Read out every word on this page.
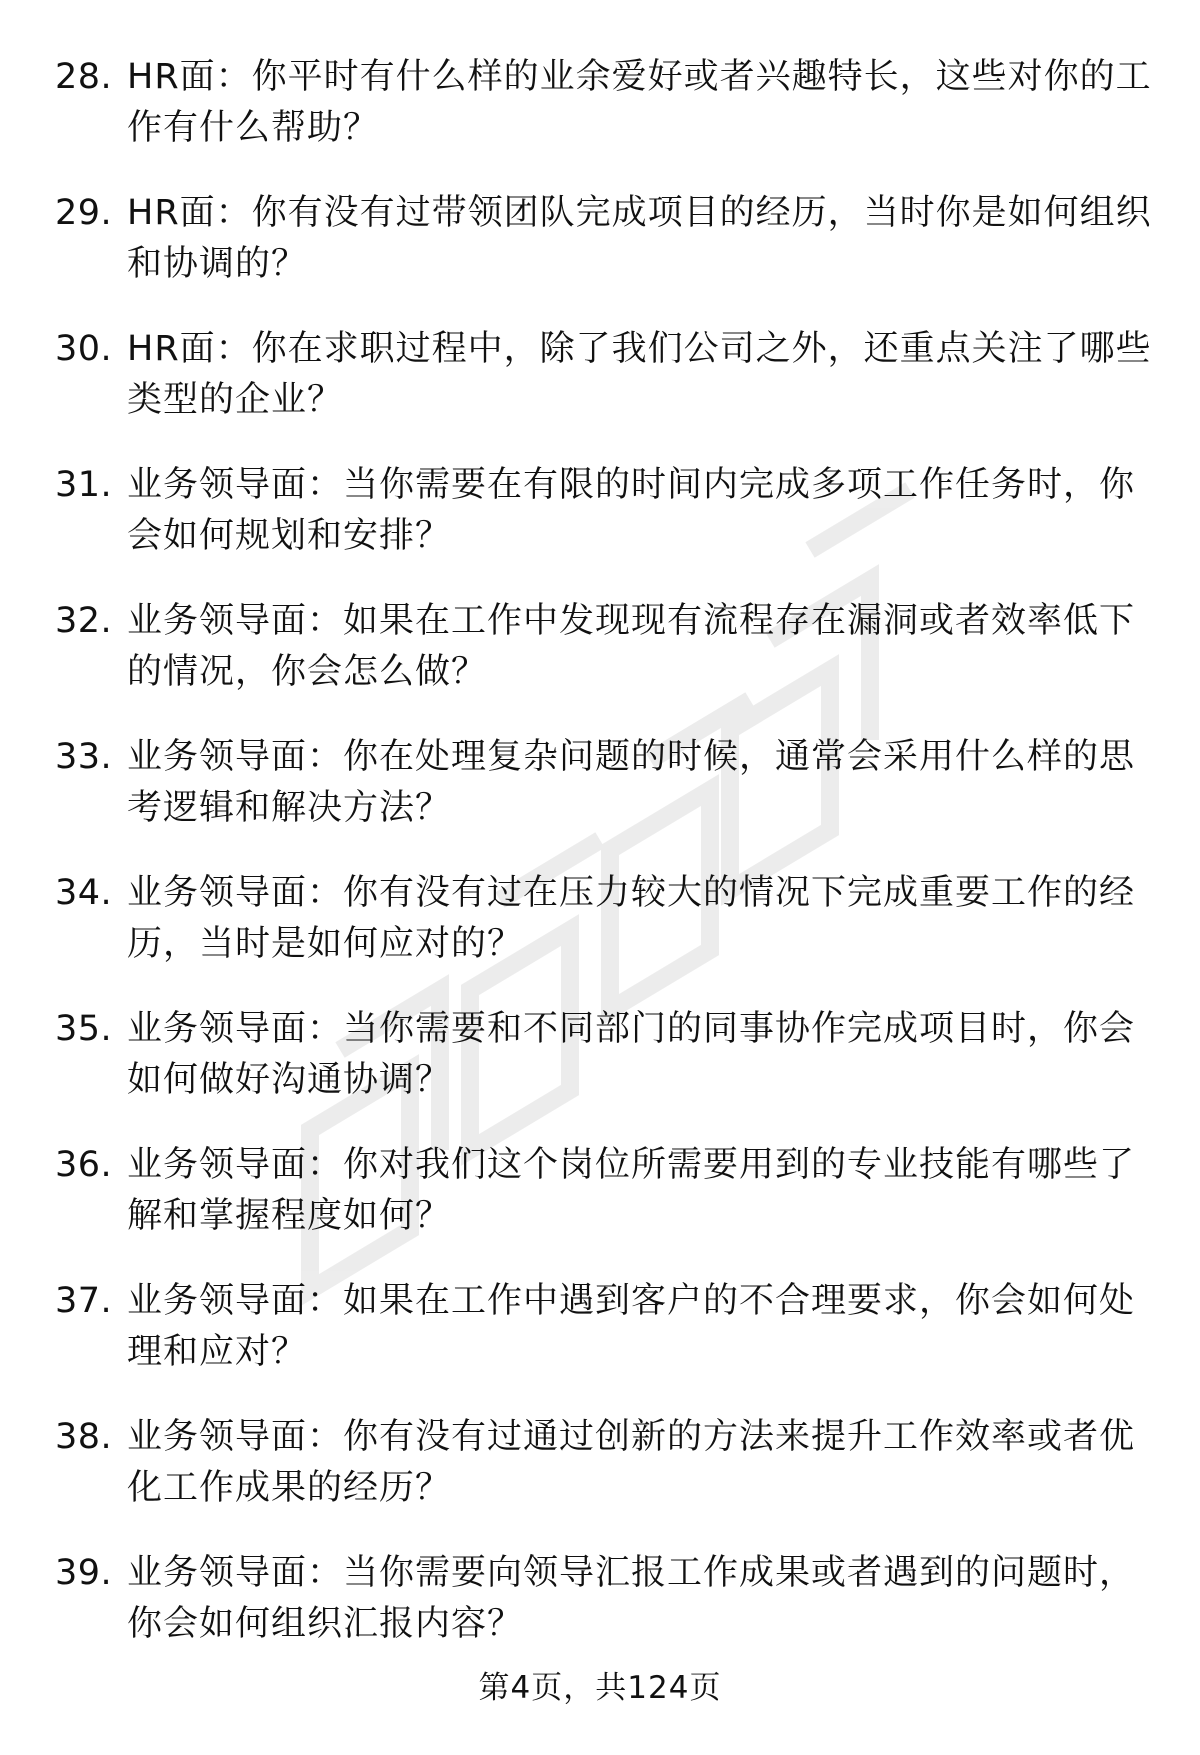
28. HR面：你平时有什么样的业余爱好或者兴趣特长，这些对你的工作有什么帮助？
29. HR面：你有没有过带领团队完成项目的经历，当时你是如何组织和协调的？
30. HR面：你在求职过程中，除了我们公司之外，还重点关注了哪些类型的企业？
31. 业务领导面：当你需要在有限的时间内完成多项工作任务时，你会如何规划和安排？
32. 业务领导面：如果在工作中发现现有流程存在漏洞或者效率低下的情况，你会怎么做？
33. 业务领导面：你在处理复杂问题的时候，通常会采用什么样的思考逻辑和解决方法？
34. 业务领导面：你有没有过在压力较大的情况下完成重要工作的经历，当时是如何应对的？
35. 业务领导面：当你需要和不同部门的同事协作完成项目时，你会如何做好沟通协调？
36. 业务领导面：你对我们这个岗位所需要用到的专业技能有哪些了解和掌握程度如何？
37. 业务领导面：如果在工作中遇到客户的不合理要求，你会如何处理和应对？
38. 业务领导面：你有没有过通过创新的方法来提升工作效率或者优化工作成果的经历？
39. 业务领导面：当你需要向领导汇报工作成果或者遇到的问题时，你会如何组织汇报内容？
第4页，共124页
